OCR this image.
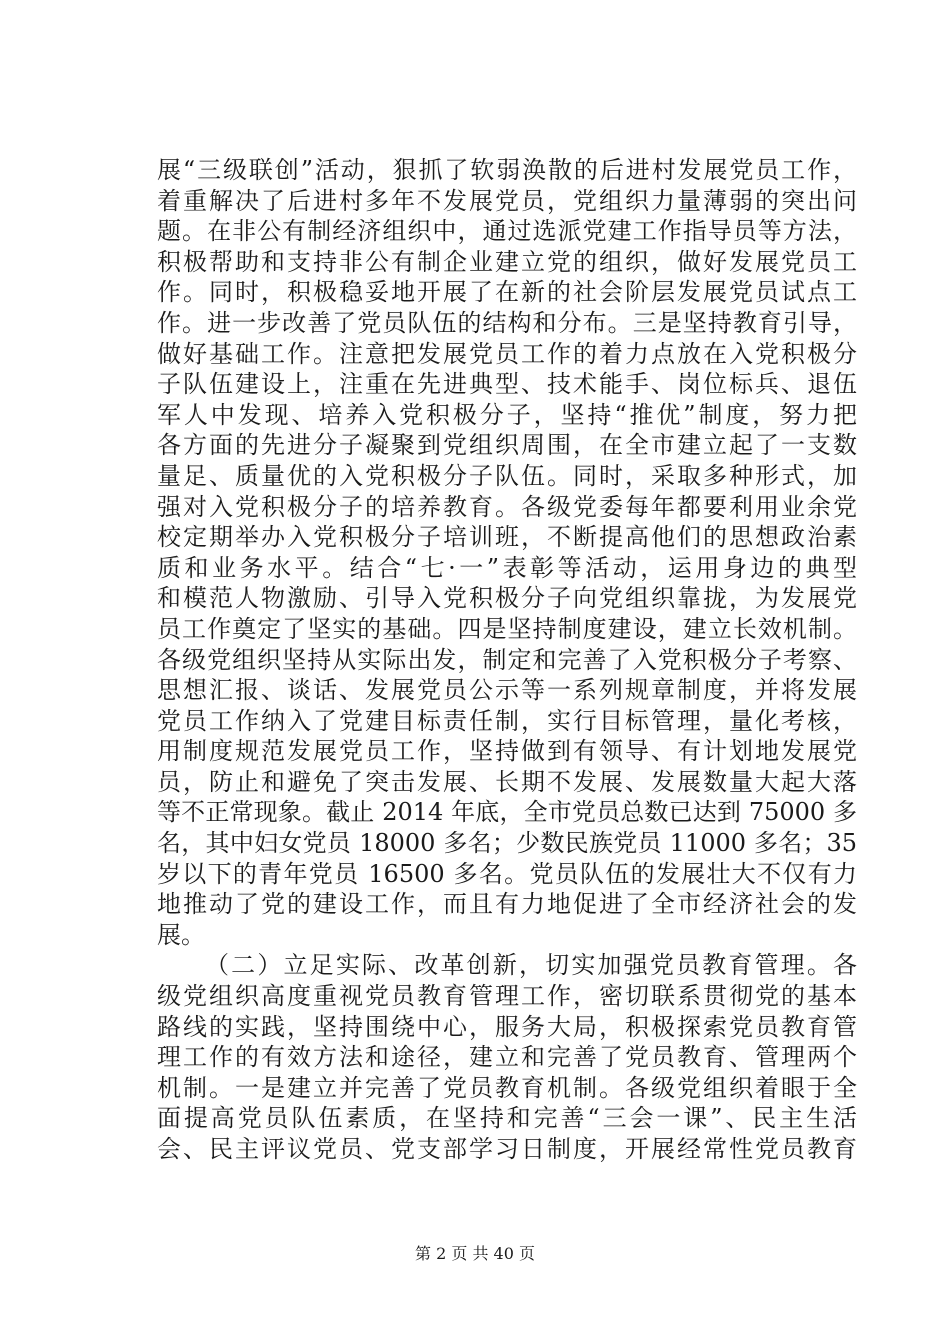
展“三级联创”活动，狠抓了软弱涣散的后进村发展党员工作，
着重解决了后进村多年不发展党员，党组织力量薄弱的突出问
题。在非公有制经济组织中，通过选派党建工作指导员等方法，
积极帮助和支持非公有制企业建立党的组织，做好发展党员工
作。同时，积极稳妥地开展了在新的社会阶层发展党员试点工
作。进一步改善了党员队伍的结构和分布。三是坚持教育引导，
做好基础工作。注意把发展党员工作的着力点放在入党积极分
子队伍建设上，注重在先进典型、技术能手、岗位标兵、退伍
军人中发现、培养入党积极分子，坚持“推优”制度，努力把
各方面的先进分子凝聚到党组织周围，在全市建立起了一支数
量足、质量优的入党积极分子队伍。同时，采取多种形式，加
强对入党积极分子的培养教育。各级党委每年都要利用业余党
校定期举办入党积极分子培训班，不断提高他们的思想政治素
质和业务水平。结合“七·一”表彰等活动，运用身边的典型
和模范人物激励、引导入党积极分子向党组织靠拢，为发展党
员工作奠定了坚实的基础。四是坚持制度建设，建立长效机制。
各级党组织坚持从实际出发，制定和完善了入党积极分子考察、
思想汇报、谈话、发展党员公示等一系列规章制度，并将发展
党员工作纳入了党建目标责任制，实行目标管理，量化考核，
用制度规范发展党员工作，坚持做到有领导、有计划地发展党
员，防止和避免了突击发展、长期不发展、发展数量大起大落
等不正常现象。截止 2014 年底，全市党员总数已达到 75000 多
名，其中妇女党员 18000 多名；少数民族党员 11000 多名；35
岁以下的青年党员 16500 多名。党员队伍的发展壮大不仅有力
地推动了党的建设工作，而且有力地促进了全市经济社会的发
展。
（二）立足实际、改革创新，切实加强党员教育管理。各
级党组织高度重视党员教育管理工作，密切联系贯彻党的基本
路线的实践，坚持围绕中心，服务大局，积极探索党员教育管
理工作的有效方法和途径，建立和完善了党员教育、管理两个
机制。一是建立并完善了党员教育机制。各级党组织着眼于全
面提高党员队伍素质，在坚持和完善“三会一课”、民主生活
会、民主评议党员、党支部学习日制度，开展经常性党员教育
第 2 页 共 40 页
